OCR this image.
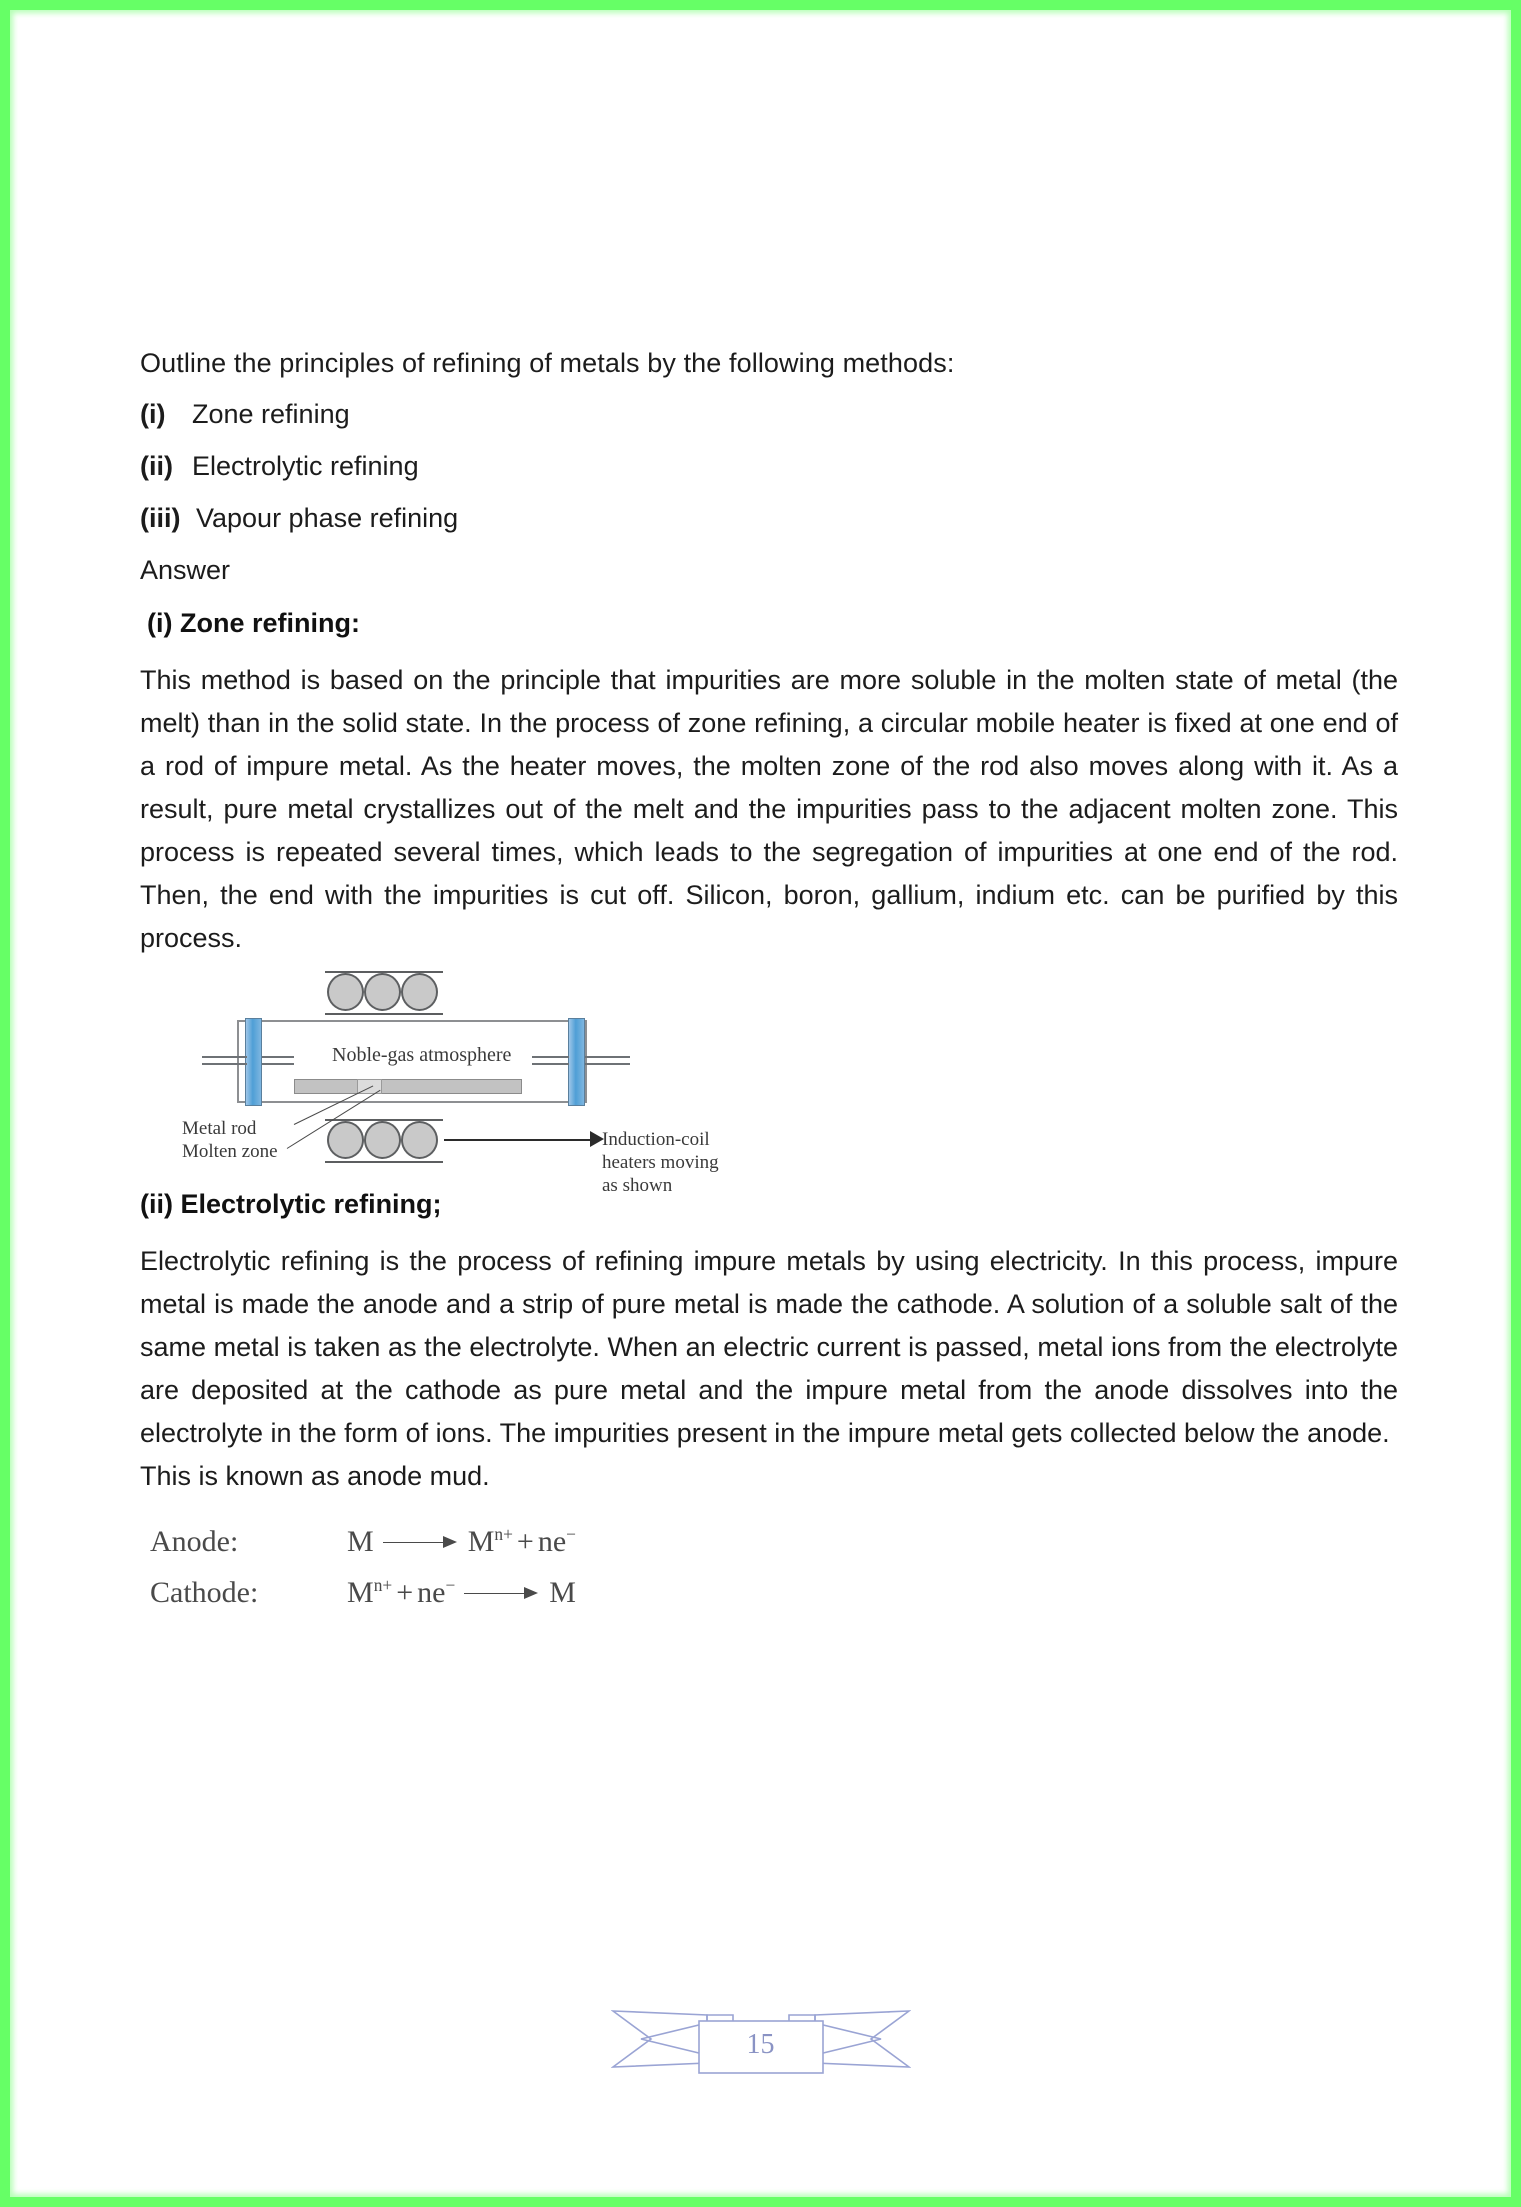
Outline the principles of refining of metals by the following methods:
(i) Zone refining
(ii) Electrolytic refining
(iii) Vapour phase refining
Answer
(i) Zone refining:
This method is based on the principle that impurities are more soluble in the molten state of metal (the melt) than in the solid state. In the process of zone refining, a circular mobile heater is fixed at one end of a rod of impure metal. As the heater moves, the molten zone of the rod also moves along with it. As a result, pure metal crystallizes out of the melt and the impurities pass to the adjacent molten zone. This process is repeated several times, which leads to the segregation of impurities at one end of the rod. Then, the end with the impurities is cut off. Silicon, boron, gallium, indium etc. can be purified by this process.
Noble-gas atmosphere
Metal rod
Molten zone
Induction-coil heaters moving as shown
(ii) Electrolytic refining;
Electrolytic refining is the process of refining impure metals by using electricity. In this process, impure metal is made the anode and a strip of pure metal is made the cathode. A solution of a soluble salt of the same metal is taken as the electrolyte. When an electric current is passed, metal ions from the electrolyte are deposited at the cathode as pure metal and the impure metal from the anode dissolves into the electrolyte in the form of ions. The impurities present in the impure metal gets collected below the anode.
This is known as anode mud.
Anode:	M	$M^{n+} + ne^-$
Cathode:	$M^{n+} + ne^-$	M
15
